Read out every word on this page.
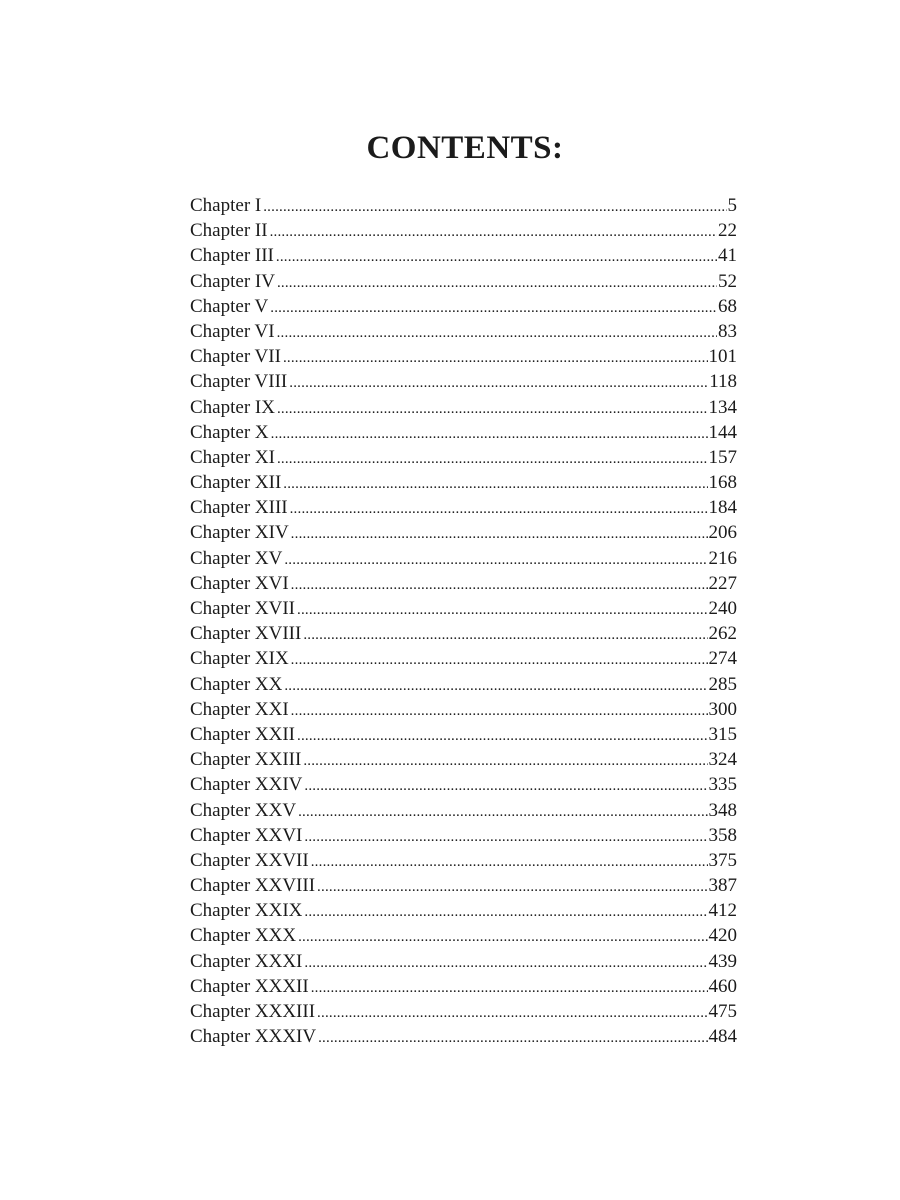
CONTENTS:
Chapter I .....	5
Chapter II .....	22
Chapter III .....	41
Chapter IV .....	52
Chapter V .....	68
Chapter VI .....	83
Chapter VII .....	101
Chapter VIII .....	118
Chapter IX .....	134
Chapter X .....	144
Chapter XI .....	157
Chapter XII .....	168
Chapter XIII .....	184
Chapter XIV .....	206
Chapter XV .....	216
Chapter XVI .....	227
Chapter XVII .....	240
Chapter XVIII .....	262
Chapter XIX .....	274
Chapter XX .....	285
Chapter XXI .....	300
Chapter XXII .....	315
Chapter XXIII .....	324
Chapter XXIV .....	335
Chapter XXV .....	348
Chapter XXVI .....	358
Chapter XXVII .....	375
Chapter XXVIII .....	387
Chapter XXIX .....	412
Chapter XXX .....	420
Chapter XXXI .....	439
Chapter XXXII .....	460
Chapter XXXIII .....	475
Chapter XXXIV .....	484
